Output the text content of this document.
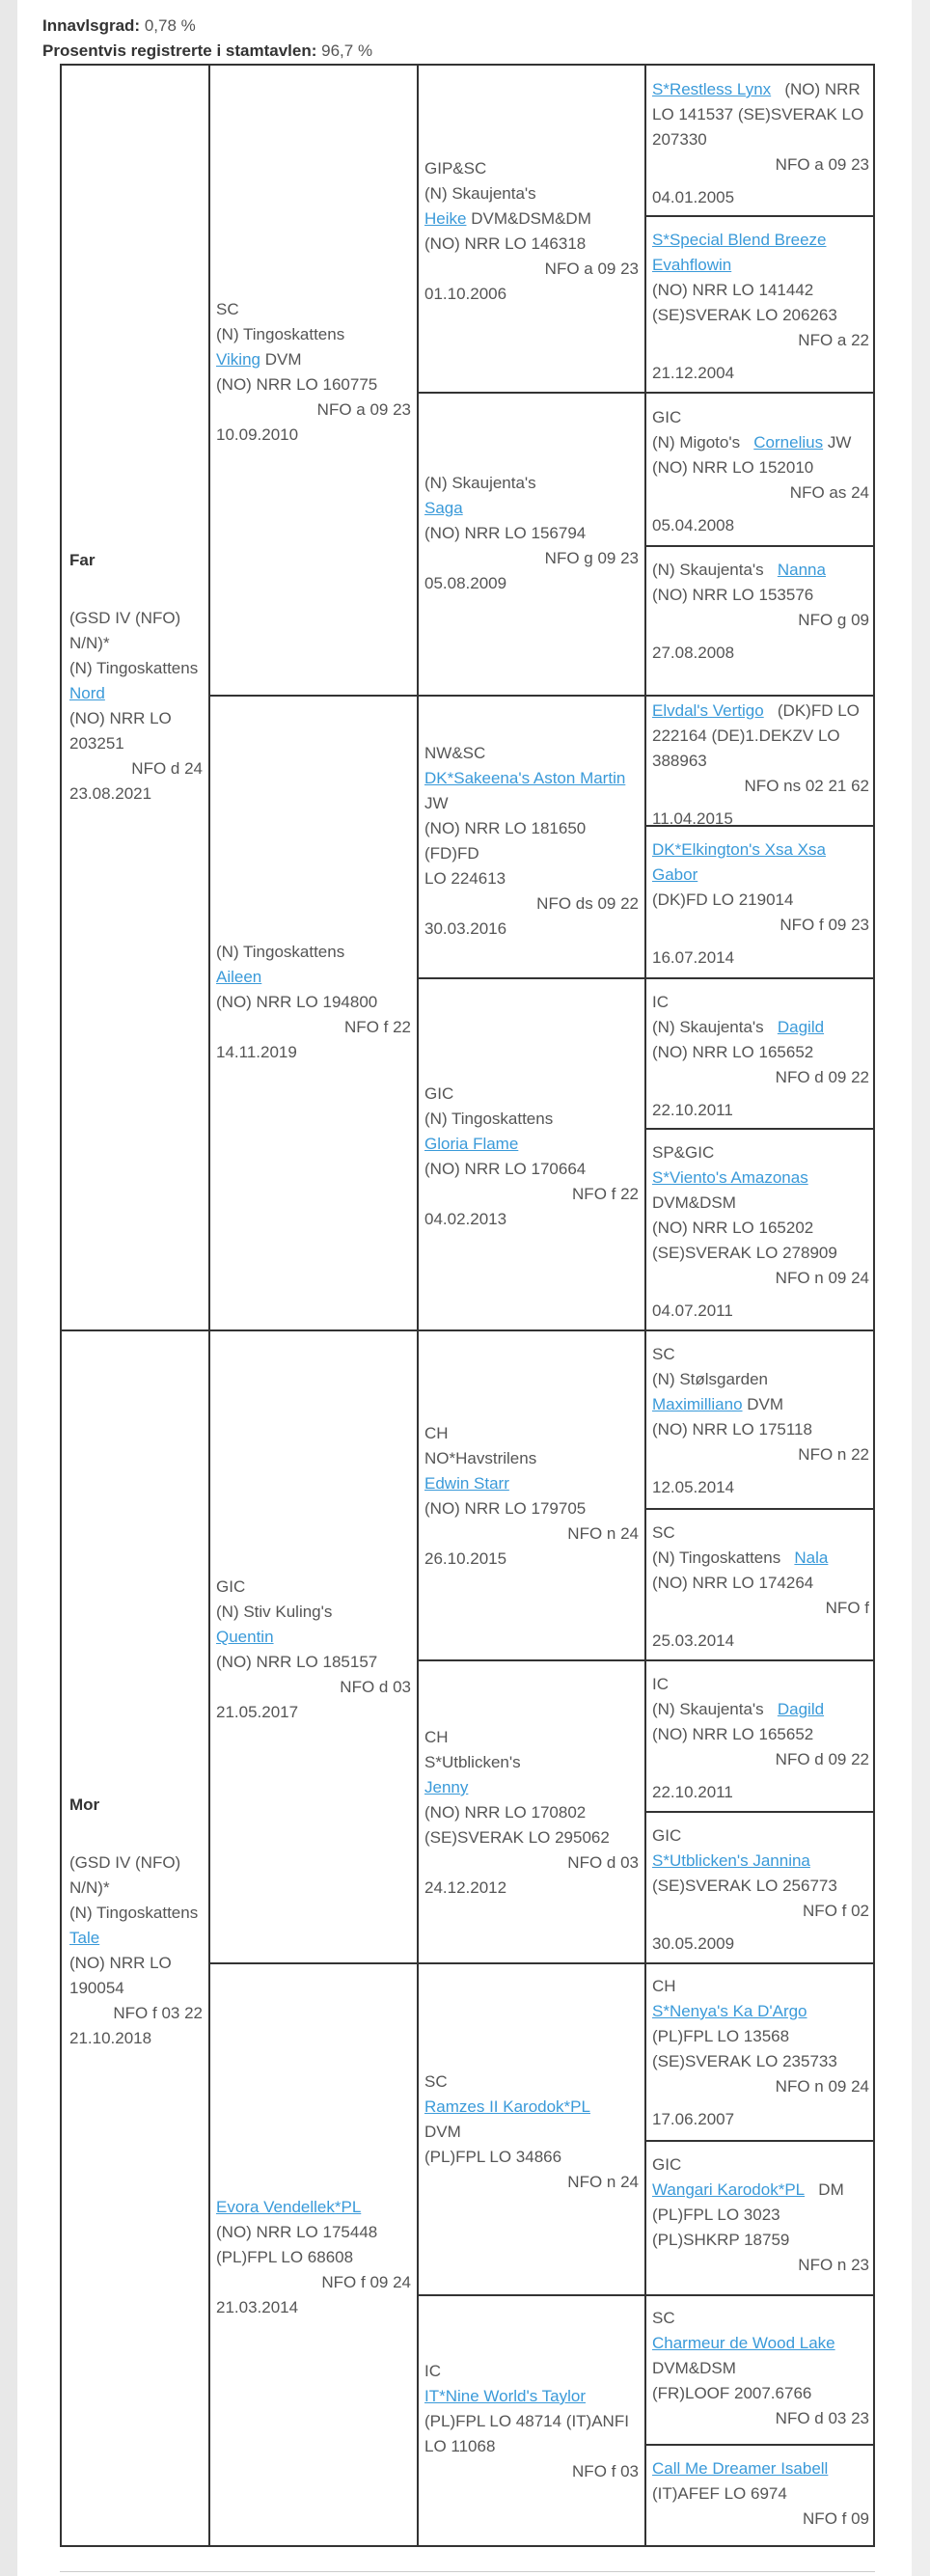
Innavlsgrad: 0,78 %
Prosentvis registrerte i stamtavlen: 96,7 %
Far
(GSD IV (NFO) N/N)*
(N) Tingoskattens
Nord
(NO) NRR LO 203251
NFO d 24
23.08.2021
Mor
(GSD IV (NFO) N/N)*
(N) Tingoskattens
Tale
(NO) NRR LO 190054
NFO f 03 22
21.10.2018
SC
(N) Tingoskattens
Viking DVM
(NO) NRR LO 160775
NFO a 09 23
10.09.2010
(N) Tingoskattens
Aileen
(NO) NRR LO 194800
NFO f 22
14.11.2019
GIC
(N) Stiv Kuling's
Quentin
(NO) NRR LO 185157
NFO d 03
21.05.2017
Evora Vendellek*PL
(NO) NRR LO 175448
(PL)FPL LO 68608
NFO f 09 24
21.03.2014
GIP&SC
(N) Skaujenta's
Heike DVM&DSM&DM
(NO) NRR LO 146318
NFO a 09 23
01.10.2006
(N) Skaujenta's
Saga
(NO) NRR LO 156794
NFO g 09 23
05.08.2009
NW&SC
DK*Sakeena's Aston Martin
JW
(NO) NRR LO 181650 (FD)FD
LO 224613
NFO ds 09 22
30.03.2016
GIC
(N) Tingoskattens
Gloria Flame
(NO) NRR LO 170664
NFO f 22
04.02.2013
CH
NO*Havstrilens
Edwin Starr
(NO) NRR LO 179705
NFO n 24
26.10.2015
CH
S*Utblicken's
Jenny
(NO) NRR LO 170802
(SE)SVERAK LO 295062
NFO d 03
24.12.2012
SC
Ramzes II Karodok*PL
DVM
(PL)FPL LO 34866
NFO n 24
IC
IT*Nine World's Taylor
(PL)FPL LO 48714 (IT)ANFI
LO 11068
NFO f 03
S*Restless Lynx (NO) NRR
LO 141537 (SE)SVERAK LO
207330
NFO a 09 23
04.01.2005
S*Special Blend Breeze Evahflowin
(NO) NRR LO 141442
(SE)SVERAK LO 206263
NFO a 22
21.12.2004
GIC
(N) Migoto's Cornelius JW
(NO) NRR LO 152010
NFO as 24
05.04.2008
(N) Skaujenta's Nanna
(NO) NRR LO 153576
NFO g 09
27.08.2008
Elvdal's Vertigo (DK)FD LO
222164 (DE)1.DEKZV LO
388963
NFO ns 02 21 62
11.04.2015
DK*Elkington's Xsa Xsa Gabor
(DK)FD LO 219014
NFO f 09 23
16.07.2014
IC
(N) Skaujenta's Dagild
(NO) NRR LO 165652
NFO d 09 22
22.10.2011
SP&GIC
S*Viento's Amazonas
DVM&DSM
(NO) NRR LO 165202
(SE)SVERAK LO 278909
NFO n 09 24
04.07.2011
SC
(N) Stølsgarden
Maximilliano DVM
(NO) NRR LO 175118
NFO n 22
12.05.2014
SC
(N) Tingoskattens Nala
(NO) NRR LO 174264
NFO f
25.03.2014
IC
(N) Skaujenta's Dagild
(NO) NRR LO 165652
NFO d 09 22
22.10.2011
GIC
S*Utblicken's Jannina
(SE)SVERAK LO 256773
NFO f 02
30.05.2009
CH
S*Nenya's Ka D'Argo
(PL)FPL LO 13568
(SE)SVERAK LO 235733
NFO n 09 24
17.06.2007
GIC
Wangari Karodok*PL DM
(PL)FPL LO 3023
(PL)SHKRP 18759
NFO n 23
SC
Charmeur de Wood Lake
DVM&DSM
(FR)LOOF 2007.6766
NFO d 03 23
Call Me Dreamer Isabell
(IT)AFEF LO 6974
NFO f 09
